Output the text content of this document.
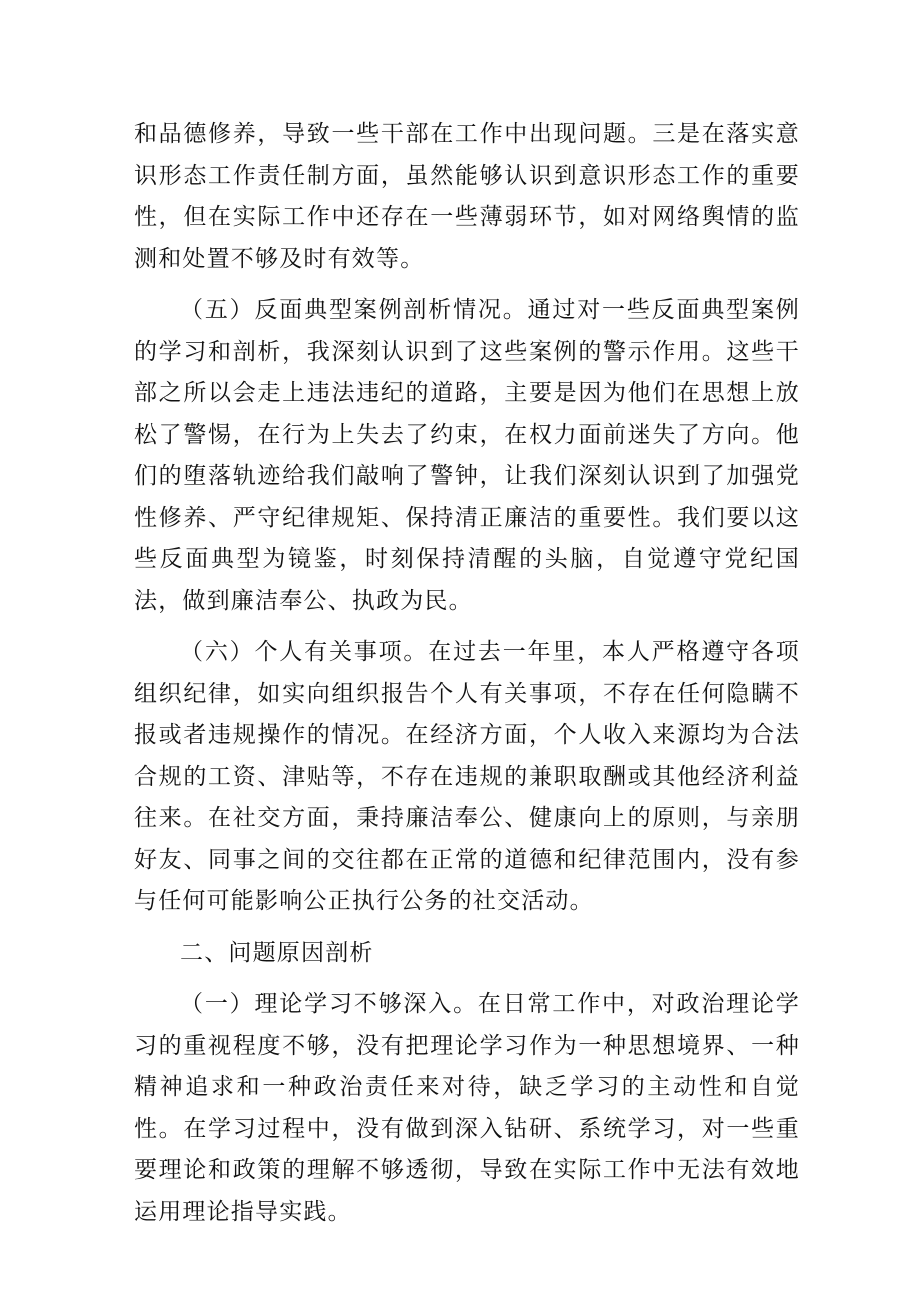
和品德修养，导致一些干部在工作中出现问题。三是在落实意识形态工作责任制方面，虽然能够认识到意识形态工作的重要性，但在实际工作中还存在一些薄弱环节，如对网络舆情的监测和处置不够及时有效等。

（五）反面典型案例剖析情况。通过对一些反面典型案例的学习和剖析，我深刻认识到了这些案例的警示作用。这些干部之所以会走上违法违纪的道路，主要是因为他们在思想上放松了警惕，在行为上失去了约束，在权力面前迷失了方向。他们的堕落轨迹给我们敲响了警钟，让我们深刻认识到了加强党性修养、严守纪律规矩、保持清正廉洁的重要性。我们要以这些反面典型为镜鉴，时刻保持清醒的头脑，自觉遵守党纪国法，做到廉洁奉公、执政为民。

（六）个人有关事项。在过去一年里，本人严格遵守各项组织纪律，如实向组织报告个人有关事项，不存在任何隐瞒不报或者违规操作的情况。在经济方面，个人收入来源均为合法合规的工资、津贴等，不存在违规的兼职取酬或其他经济利益往来。在社交方面，秉持廉洁奉公、健康向上的原则，与亲朋好友、同事之间的交往都在正常的道德和纪律范围内，没有参与任何可能影响公正执行公务的社交活动。

二、问题原因剖析

（一）理论学习不够深入。在日常工作中，对政治理论学习的重视程度不够，没有把理论学习作为一种思想境界、一种精神追求和一种政治责任来对待，缺乏学习的主动性和自觉性。在学习过程中，没有做到深入钻研、系统学习，对一些重要理论和政策的理解不够透彻，导致在实际工作中无法有效地运用理论指导实践。
